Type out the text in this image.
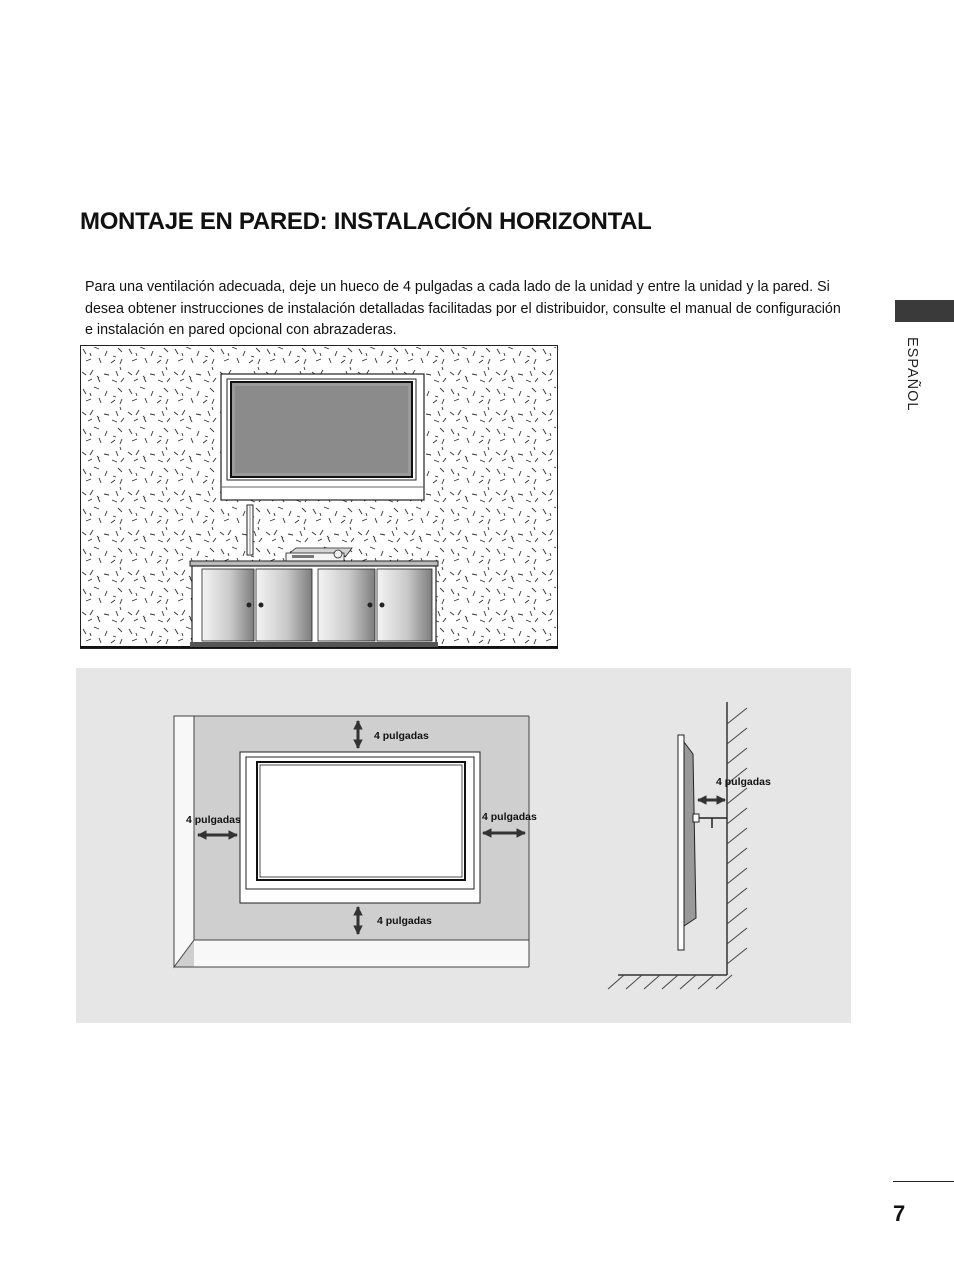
MONTAJE EN PARED: INSTALACIÓN HORIZONTAL

Para una ventilación adecuada, deje un hueco de 4 pulgadas a cada lado de la unidad y entre la unidad y la pared. Si desea obtener instrucciones de instalación detalladas facilitadas por el distribuidor, consulte el manual de configuración e instalación en pared opcional con abrazaderas.

ESPAÑOL
4 pulgadas
4 pulgadas	4 pulgadas
4 pulgadas
4 pulgadas
7
